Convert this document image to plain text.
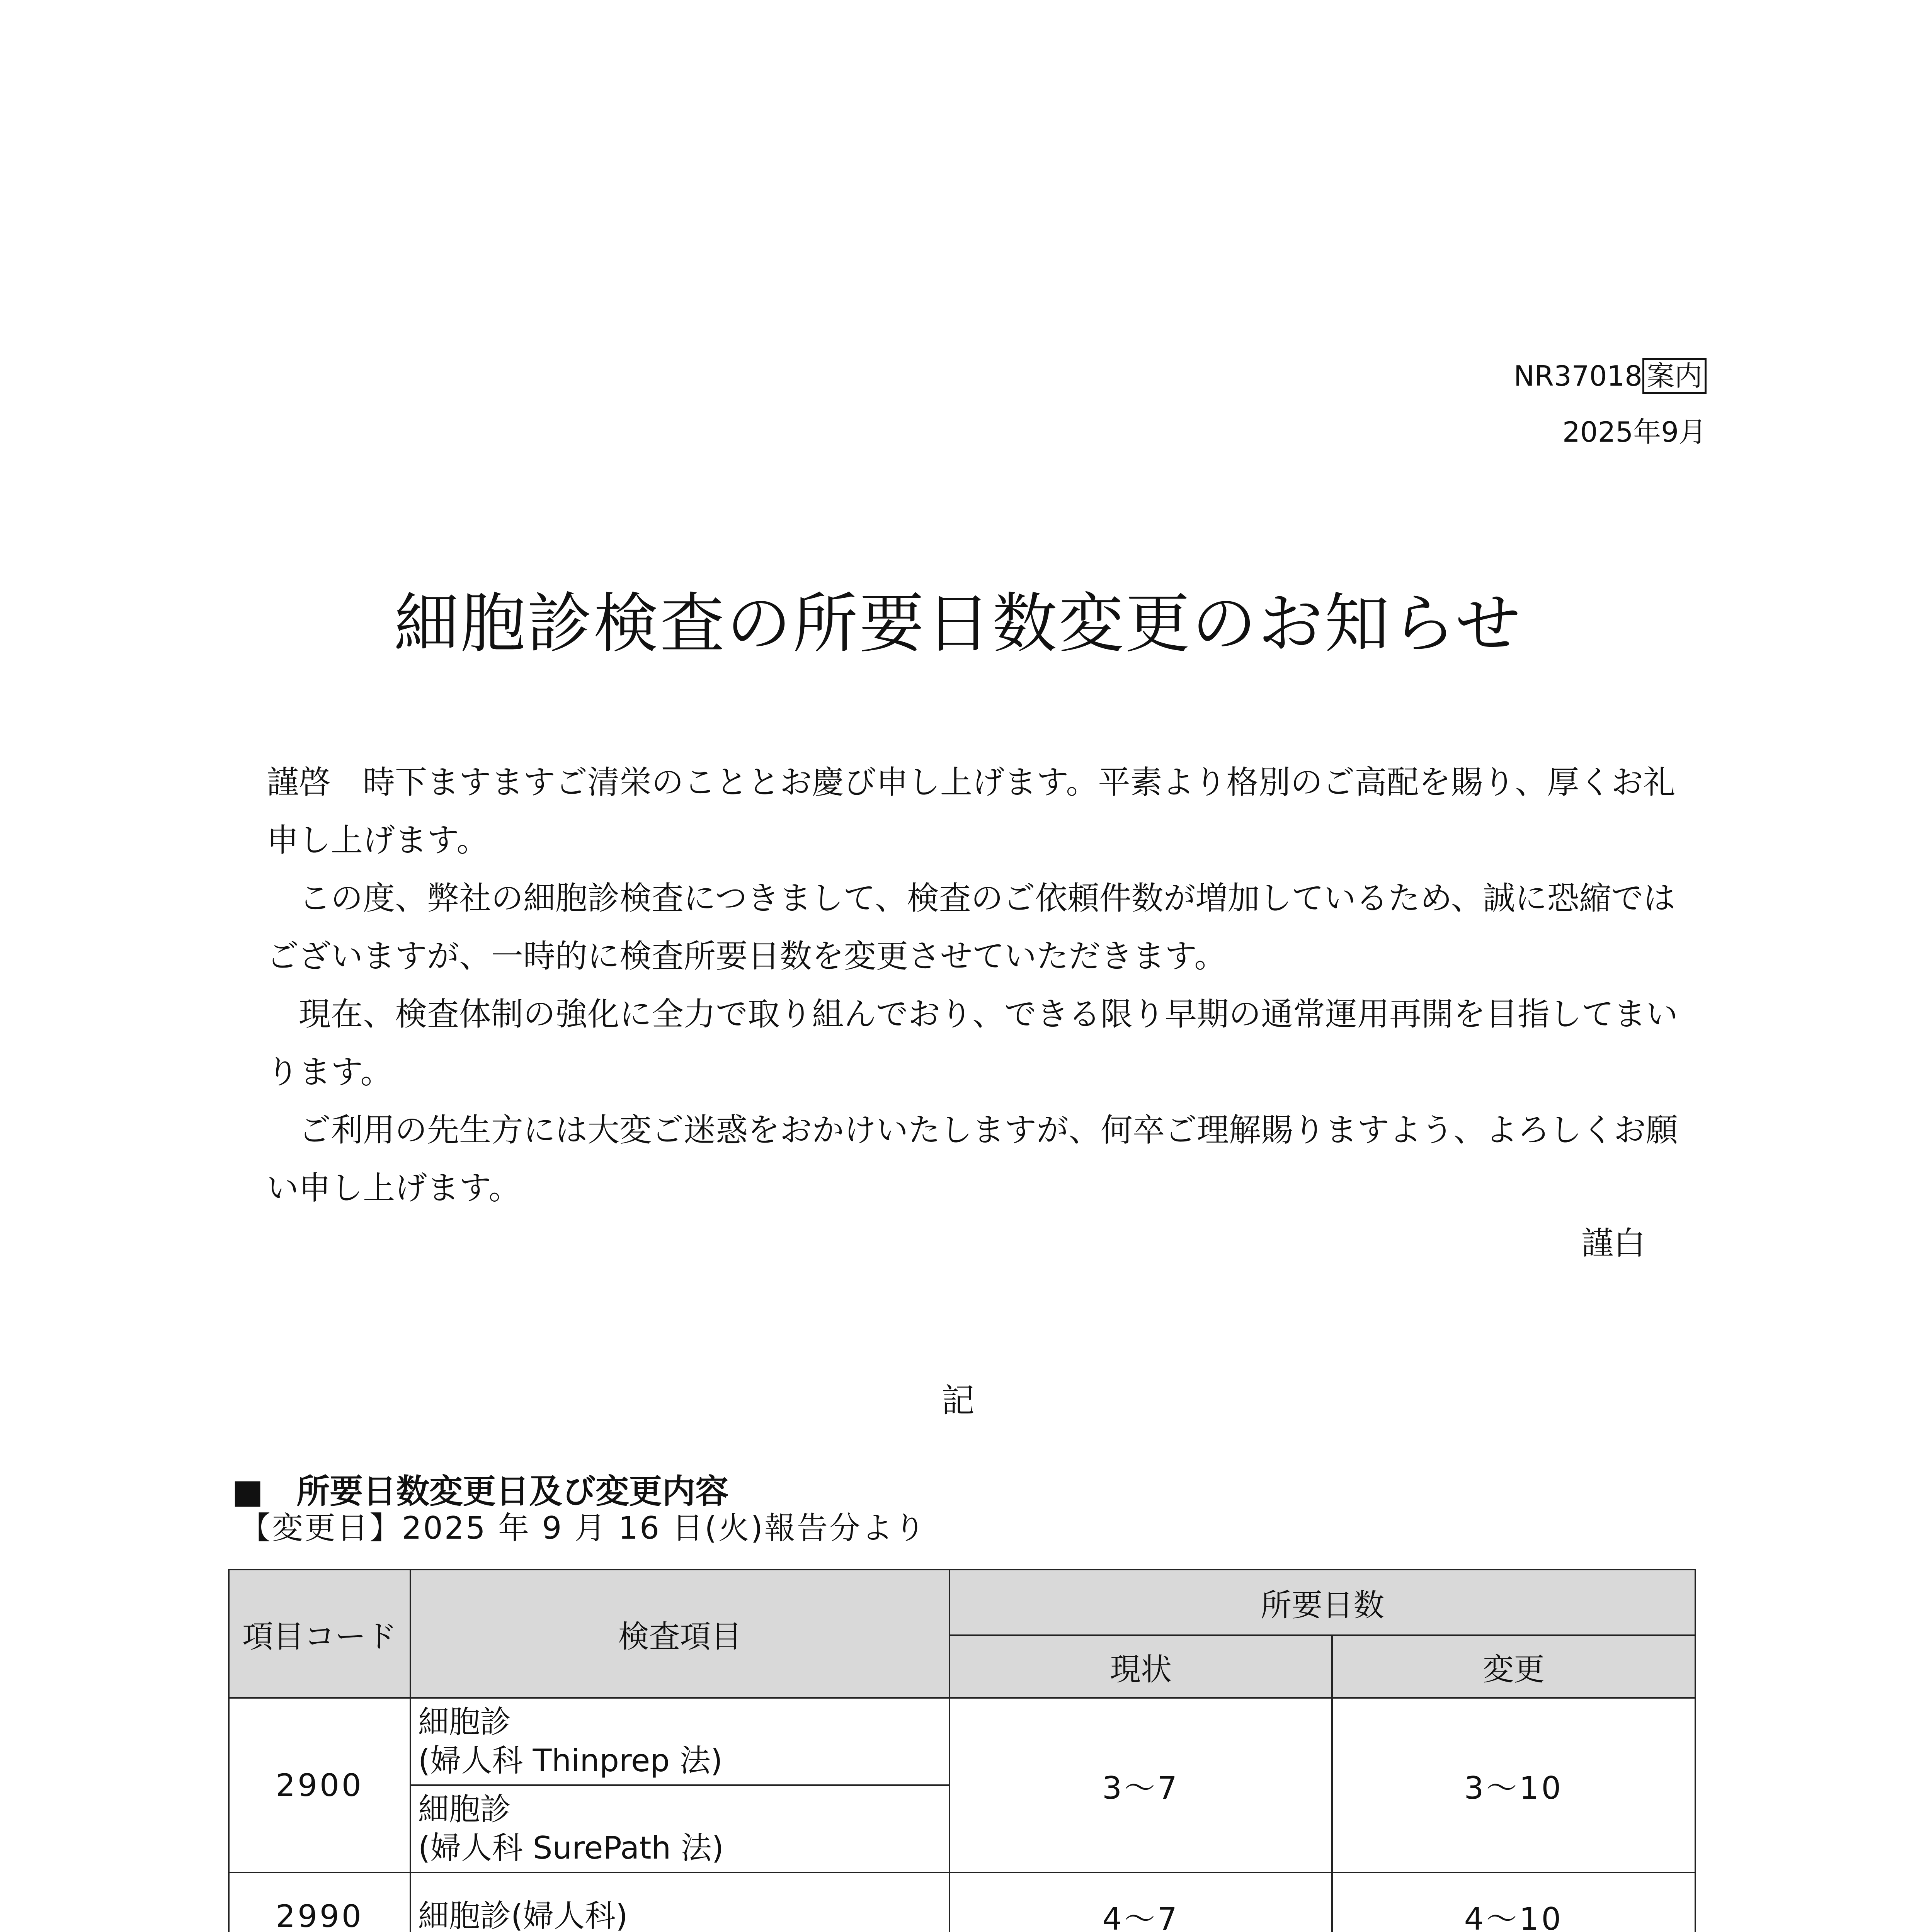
NR37018 案内
2025年9月
細胞診検査の所要日数変更のお知らせ

謹啓　時下ますますご清栄のこととお慶び申し上げます。平素より格別のご高配を賜り、厚くお礼申し上げます。

この度、弊社の細胞診検査につきまして、検査のご依頼件数が増加しているため、誠に恐縮ではございますが、一時的に検査所要日数を変更させていただきます。

現在、検査体制の強化に全力で取り組んでおり、できる限り早期の通常運用再開を目指してまいります。

ご利用の先生方には大変ご迷惑をおかけいたしますが、何卒ご理解賜りますよう、よろしくお願い申し上げます。

謹白
記
■　所要日数変更日及び変更内容
【変更日】2025 年 9 月 16 日(火)報告分より
項目コード	検査項目	所要日数	
		現状	変更
2900	細胞診
(婦人科 Thinprep 法)	3～7	3～10
	細胞診
(婦人科 SurePath 法)		
2990	細胞診(婦人科)	4～7	4～10
